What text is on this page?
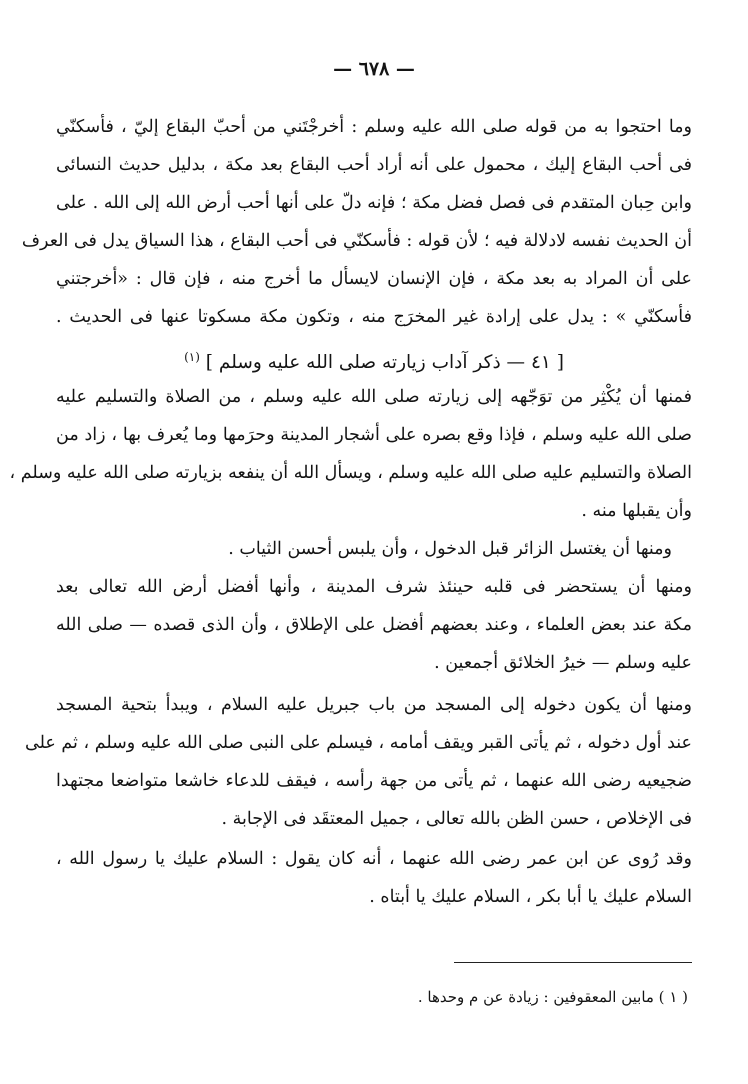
— ٦٧٨ —
وما احتجوا به من قوله صلى الله عليه وسلم : أخرجْتَني من أحبّ البقاع إليّ ، فأسكنّي
فى أحب البقاع إليك ، محمول على أنه أراد أحب البقاع بعد مكة ، بدليل حديث النسائى
وابن حِبان المتقدم فى فصل فضل مكة ؛ فإنه دلّ على أنها أحب أرض الله إلى الله . على
أن الحديث نفسه لادلالة فيه ؛ لأن قوله : فأسكنّي فى أحب البقاع ، هذا السياق يدل فى العرف
على أن المراد به بعد مكة ، فإن الإنسان لايسأل ما أخرج منه ، فإن قال : «أخرجتني
فأسكنّي » : يدل على إرادة غير المخرَج منه ، وتكون مكة مسكوتا عنها فى الحديث .
[ ٤١ — ذكر آداب زيارته صلى الله عليه وسلم ] $^{(١)}$
فمنها أن يُكْثِر من توَجّهه إلى زيارته صلى الله عليه وسلم ، من الصلاة والتسليم عليه
صلى الله عليه وسلم ، فإذا وقع بصره على أشجار المدينة وحرَمها وما يُعرف بها ، زاد من
الصلاة والتسليم عليه صلى الله عليه وسلم ، ويسأل الله أن ينفعه بزيارته صلى الله عليه وسلم ،
وأن يقبلها منه .
ومنها أن يغتسل الزائر قبل الدخول ، وأن يلبس أحسن الثياب .
ومنها أن يستحضر فى قلبه حينئذ شرف المدينة ، وأنها أفضل أرض الله تعالى بعد
مكة عند بعض العلماء ، وعند بعضهم أفضل على الإطلاق ، وأن الذى قصده — صلى الله
عليه وسلم — خيرُ الخلائق أجمعين .
ومنها أن يكون دخوله إلى المسجد من باب جبريل عليه السلام ، ويبدأ بتحية المسجد
عند أول دخوله ، ثم يأتى القبر ويقف أمامه ، فيسلم على النبى صلى الله عليه وسلم ، ثم على
ضجيعيه رضى الله عنهما ، ثم يأتى من جهة رأسه ، فيقف للدعاء خاشعا متواضعا مجتهدا
فى الإخلاص ، حسن الظن بالله تعالى ، جميل المعتقَد فى الإجابة .
وقد رُوى عن ابن عمر رضى الله عنهما ، أنه كان يقول : السلام عليك يا رسول الله ،
السلام عليك يا أبا بكر ، السلام عليك يا أبتاه .
( ١ ) مابين المعقوفين : زيادة عن م وحدها .
